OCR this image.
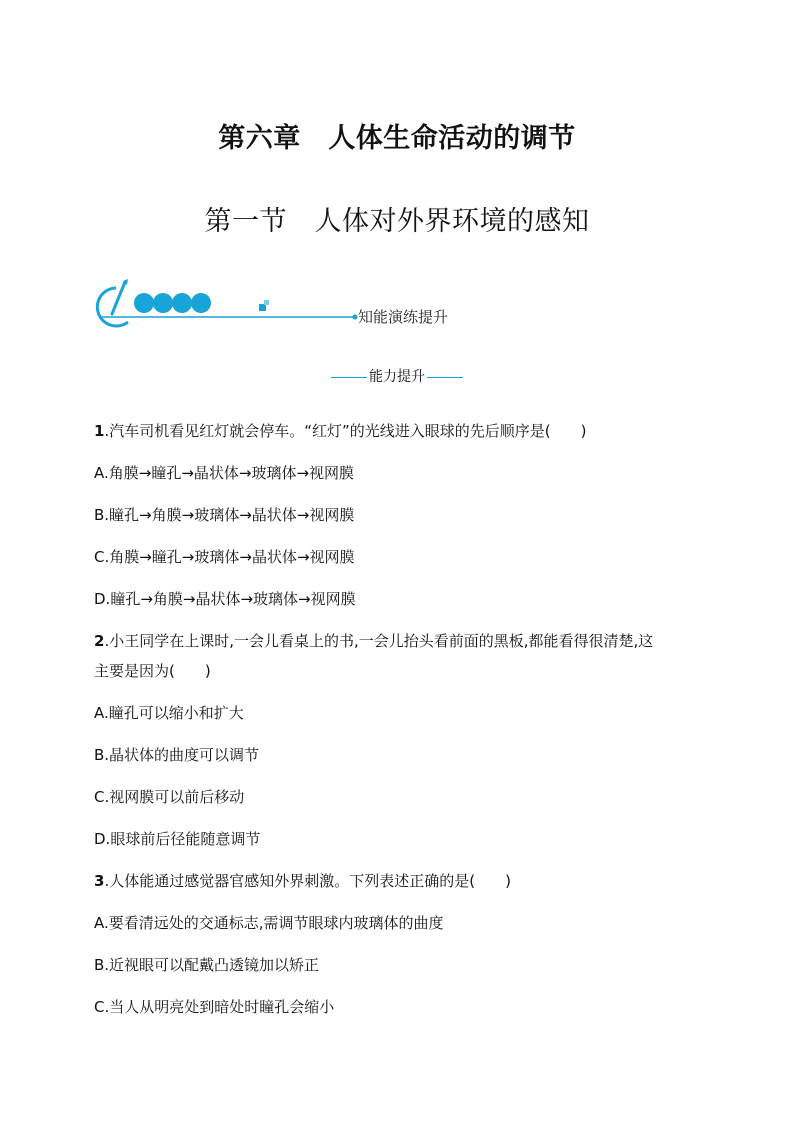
第六章　人体生命活动的调节
第一节　人体对外界环境的感知
知能演练提升
能力提升
1.汽车司机看见红灯就会停车。“红灯”的光线进入眼球的先后顺序是(　　)
A.角膜→瞳孔→晶状体→玻璃体→视网膜
B.瞳孔→角膜→玻璃体→晶状体→视网膜
C.角膜→瞳孔→玻璃体→晶状体→视网膜
D.瞳孔→角膜→晶状体→玻璃体→视网膜
2.小王同学在上课时,一会儿看桌上的书,一会儿抬头看前面的黑板,都能看得很清楚,这
主要是因为(　　)
A.瞳孔可以缩小和扩大
B.晶状体的曲度可以调节
C.视网膜可以前后移动
D.眼球前后径能随意调节
3.人体能通过感觉器官感知外界刺激。下列表述正确的是(　　)
A.要看清远处的交通标志,需调节眼球内玻璃体的曲度
B.近视眼可以配戴凸透镜加以矫正
C.当人从明亮处到暗处时瞳孔会缩小
